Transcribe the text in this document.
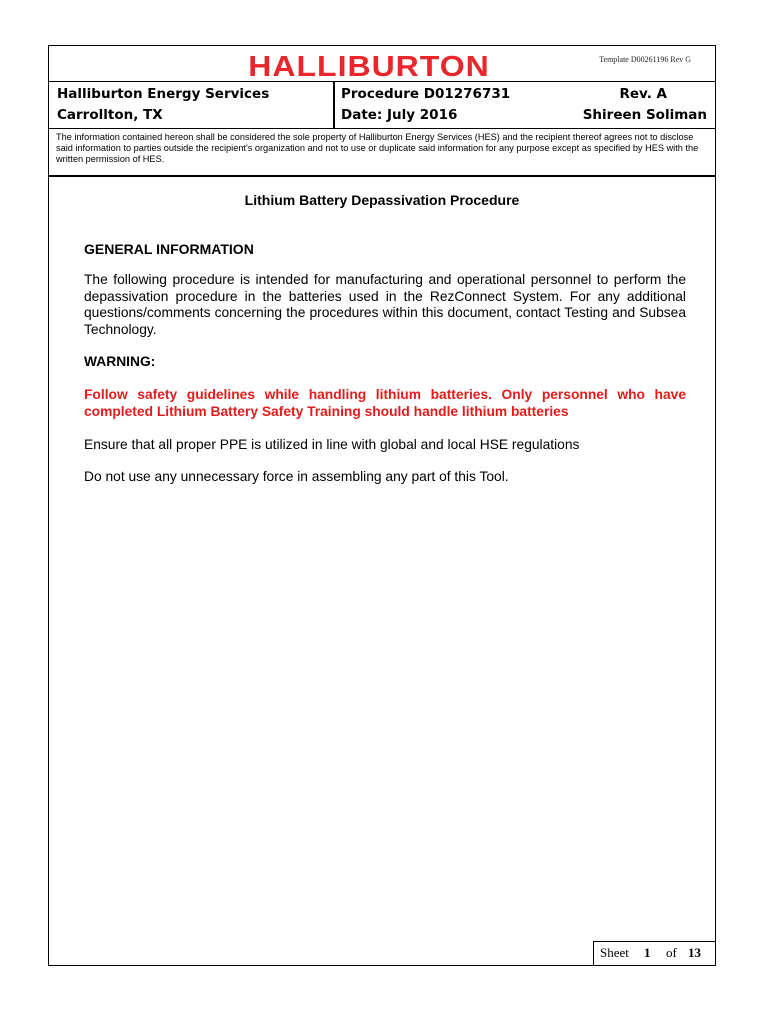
HALLIBURTON	Template D00261196 Rev G
Halliburton Energy Services
Carrollton, TX
Procedure D01276731
Date: July 2016
Rev. A
Shireen Soliman
The information contained hereon shall be considered the sole property of Halliburton Energy Services (HES) and the recipient thereof agrees not to disclose said information to parties outside the recipient's organization and not to use or duplicate said information for any purpose except as specified by HES with the written permission of HES.
Lithium Battery Depassivation Procedure
GENERAL INFORMATION
The following procedure is intended for manufacturing and operational personnel to perform the depassivation procedure in the batteries used in the RezConnect System. For any additional questions/comments concerning the procedures within this document, contact Testing and Subsea Technology.
WARNING:
Follow safety guidelines while handling lithium batteries. Only personnel who have completed Lithium Battery Safety Training should handle lithium batteries
Ensure that all proper PPE is utilized in line with global and local HSE regulations
Do not use any unnecessary force in assembling any part of this Tool.
Sheet 1 of 13
